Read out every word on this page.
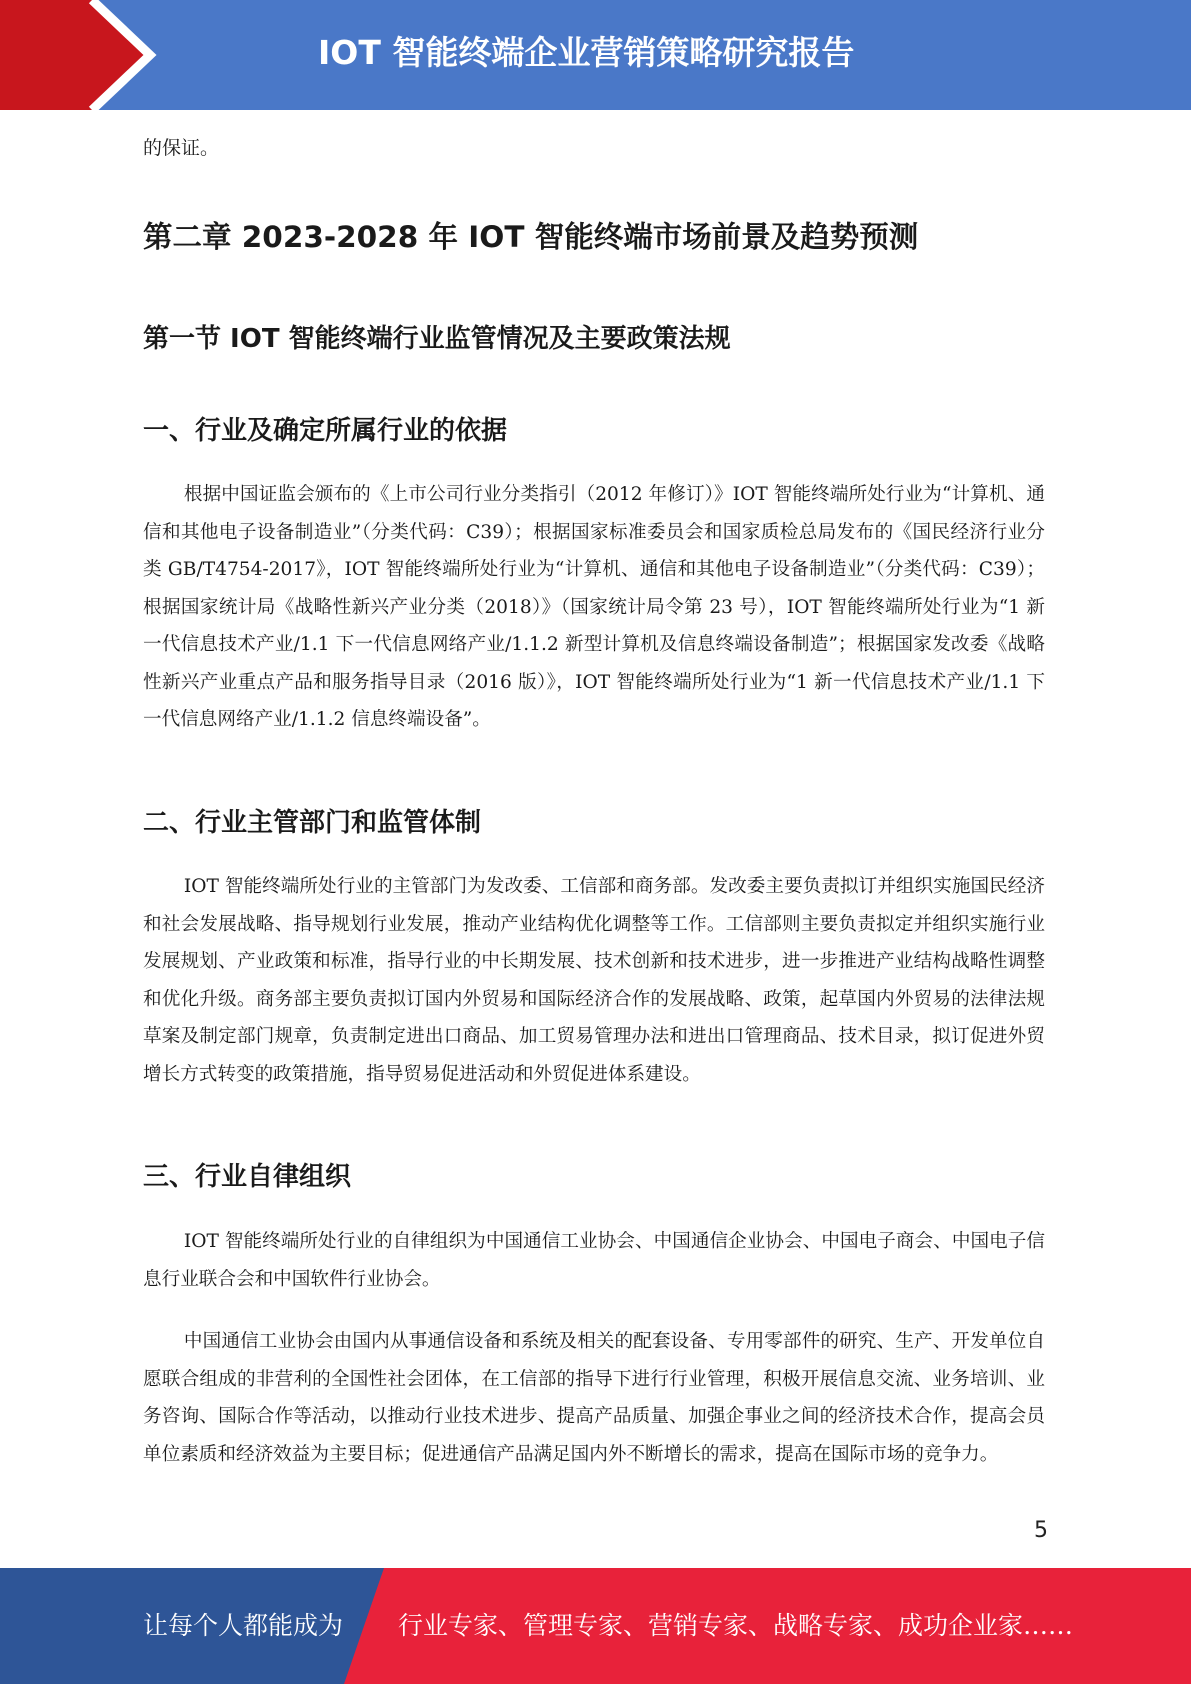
IOT 智能终端企业营销策略研究报告

的保证。

第二章 2023-2028 年 IOT 智能终端市场前景及趋势预测
第一节 IOT 智能终端行业监管情况及主要政策法规
一、行业及确定所属行业的依据

根据中国证监会颁布的《上市公司行业分类指引（2012 年修订）》IOT 智能终端所处行业为“计算机、通信和其他电子设备制造业”（分类代码：C39）；根据国家标准委员会和国家质检总局发布的《国民经济行业分类 GB/T4754-2017》，IOT 智能终端所处行业为“计算机、通信和其他电子设备制造业”（分类代码：C39）；根据国家统计局《战略性新兴产业分类（2018）》（国家统计局令第 23 号），IOT 智能终端所处行业为“1 新一代信息技术产业/1.1 下一代信息网络产业/1.1.2 新型计算机及信息终端设备制造”；根据国家发改委《战略性新兴产业重点产品和服务指导目录（2016 版）》，IOT 智能终端所处行业为“1 新一代信息技术产业/1.1 下一代信息网络产业/1.1.2 信息终端设备”。

二、行业主管部门和监管体制

IOT 智能终端所处行业的主管部门为发改委、工信部和商务部。发改委主要负责拟订并组织实施国民经济和社会发展战略、指导规划行业发展，推动产业结构优化调整等工作。工信部则主要负责拟定并组织实施行业发展规划、产业政策和标准，指导行业的中长期发展、技术创新和技术进步，进一步推进产业结构战略性调整和优化升级。商务部主要负责拟订国内外贸易和国际经济合作的发展战略、政策，起草国内外贸易的法律法规草案及制定部门规章，负责制定进出口商品、加工贸易管理办法和进出口管理商品、技术目录，拟订促进外贸增长方式转变的政策措施，指导贸易促进活动和外贸促进体系建设。

三、行业自律组织

IOT 智能终端所处行业的自律组织为中国通信工业协会、中国通信企业协会、中国电子商会、中国电子信息行业联合会和中国软件行业协会。

中国通信工业协会由国内从事通信设备和系统及相关的配套设备、专用零部件的研究、生产、开发单位自愿联合组成的非营利的全国性社会团体，在工信部的指导下进行行业管理，积极开展信息交流、业务培训、业务咨询、国际合作等活动，以推动行业技术进步、提高产品质量、加强企事业之间的经济技术合作，提高会员单位素质和经济效益为主要目标；促进通信产品满足国内外不断增长的需求，提高在国际市场的竞争力。

5
让每个人都能成为 行业专家、管理专家、营销专家、战略专家、成功企业家……
